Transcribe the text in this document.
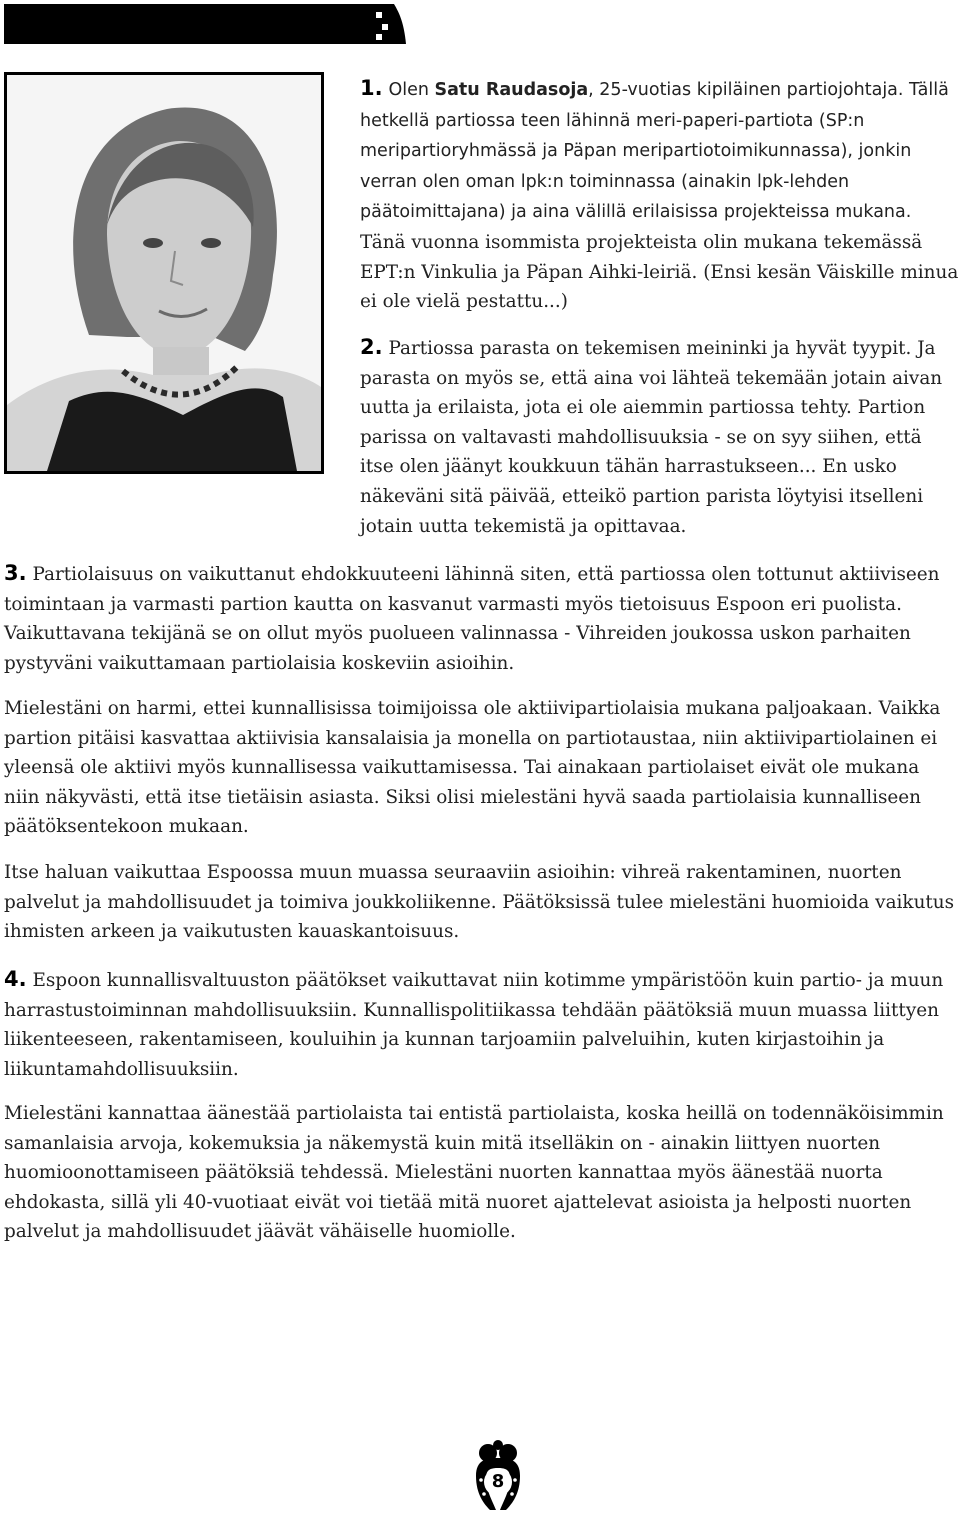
1. Olen Satu Raudasoja, 25-vuotias kipiläinen partiojohtaja. Tällä hetkellä partiossa teen lähinnä meri-paperi-partiota (SP:n meripartioryhmässä ja Päpan meripartiotoimikunnassa), jonkin verran olen oman lpk:n toiminnassa (ainakin lpk-lehden päätoimittajana) ja aina välillä erilaisissa projekteissa mukana. Tänä vuonna isommista projekteista olin mukana tekemässä EPT:n Vinkulia ja Päpan Aihki-leiriä. (Ensi kesän Väiskille minua ei ole vielä pestattu...)

2. Partiossa parasta on tekemisen meininki ja hyvät tyypit. Ja parasta on myös se, että aina voi lähteä tekemään jotain aivan uutta ja erilaista, jota ei ole aiemmin partiossa tehty. Partion parissa on valtavasti mahdollisuuksia - se on syy siihen, että itse olen jäänyt koukkuun tähän harrastukseen... En usko näkeväni sitä päivää, etteikö partion parista löytyisi itselleni jotain uutta tekemistä ja opittavaa.

3. Partiolaisuus on vaikuttanut ehdokkuuteeni lähinnä siten, että partiossa olen tottunut aktiiviseen toimintaan ja varmasti partion kautta on kasvanut varmasti myös tietoisuus Espoon eri puolista. Vaikuttavana tekijänä se on ollut myös puolueen valinnassa - Vihreiden joukossa uskon parhaiten pystyväni vaikuttamaan partiolaisia koskeviin asioihin.

Mielestäni on harmi, ettei kunnallisissa toimijoissa ole aktiivipartiolaisia mukana paljoakaan. Vaikka partion pitäisi kasvattaa aktiivisia kansalaisia ja monella on partiotaustaa, niin aktiivipartiolainen ei yleensä ole aktiivi myös kunnallisessa vaikuttamisessa. Tai ainakaan partiolaiset eivät ole mukana niin näkyvästi, että itse tietäisin asiasta. Siksi olisi mielestäni hyvä saada partiolaisia kunnalliseen päätöksentekoon mukaan.

Itse haluan vaikuttaa Espoossa muun muassa seuraaviin asioihin: vihreä rakentaminen, nuorten palvelut ja mahdollisuudet ja toimiva joukkoliikenne. Päätöksissä tulee mielestäni huomioida vaikutus ihmisten arkeen ja vaikutusten kauaskantoisuus.

4. Espoon kunnallisvaltuuston päätökset vaikuttavat niin kotimme ympäristöön kuin partio- ja muun harrastustoiminnan mahdollisuuksiin. Kunnallispolitiikassa tehdään päätöksiä muun muassa liittyen liikenteeseen, rakentamiseen, kouluihin ja kunnan tarjoamiin palveluihin, kuten kirjastoihin ja liikuntamahdollisuuksiin.

Mielestäni kannattaa äänestää partiolaista tai entistä partiolaista, koska heillä on todennäköisimmin samanlaisia arvoja, kokemuksia ja näkemystä kuin mitä itselläkin on - ainakin liittyen nuorten huomioonottamiseen päätöksiä tehdessä. Mielestäni nuorten kannattaa myös äänestää nuorta ehdokasta, sillä yli 40-vuotiaat eivät voi tietää mitä nuoret ajattelevat asioista ja helposti nuorten palvelut ja mahdollisuudet jäävät vähäiselle huomiolle.

8
